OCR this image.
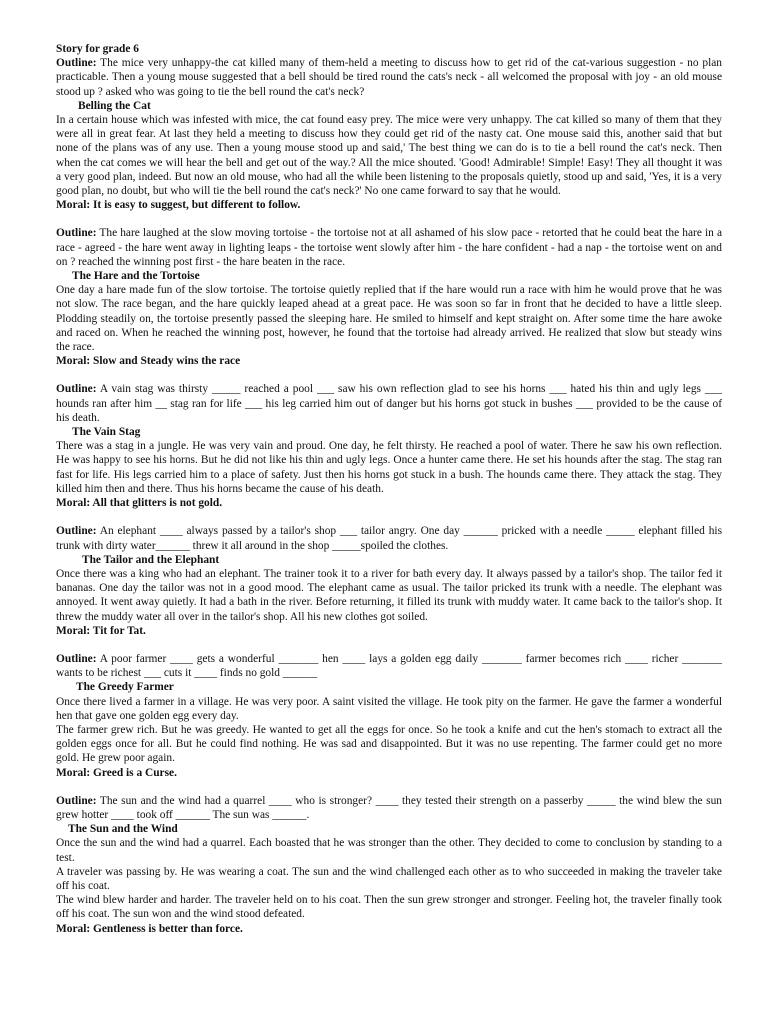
Story for grade 6

Outline: The mice very unhappy-the cat killed many of them-held a meeting to discuss how to get rid of the cat-various suggestion - no plan practicable. Then a young mouse suggested that a bell should be tired round the cats's neck - all welcomed the proposal with joy - an old mouse stood up ? asked who was going to tie the bell round the cat's neck?

Belling the Cat

In a certain house which was infested with mice, the cat found easy prey. The mice were very unhappy. The cat killed so many of them that they were all in great fear. At last they held a meeting to discuss how they could get rid of the nasty cat. One mouse said this, another said that but none of the plans was of any use. Then a young mouse stood up and said,' The best thing we can do is to tie a bell round the cat's neck. Then when the cat comes we will hear the bell and get out of the way.? All the mice shouted. 'Good! Admirable! Simple! Easy! They all thought it was a very good plan, indeed. But now an old mouse, who had all the while been listening to the proposals quietly, stood up and said, 'Yes, it is a very good plan, no doubt, but who will tie the bell round the cat's neck?' No one came forward to say that he would.

Moral: It is easy to suggest, but different to follow.

Outline: The hare laughed at the slow moving tortoise - the tortoise not at all ashamed of his slow pace - retorted that he could beat the hare in a race - agreed - the hare went away in lighting leaps - the tortoise went slowly after him - the hare confident - had a nap - the tortoise went on and on ? reached the winning post first - the hare beaten in the race.

The Hare and the Tortoise

One day a hare made fun of the slow tortoise. The tortoise quietly replied that if the hare would run a race with him he would prove that he was not slow. The race began, and the hare quickly leaped ahead at a great pace. He was soon so far in front that he decided to have a little sleep. Plodding steadily on, the tortoise presently passed the sleeping hare. He smiled to himself and kept straight on. After some time the hare awoke and raced on. When he reached the winning post, however, he found that the tortoise had already arrived. He realized that slow but steady wins the race.

Moral: Slow and Steady wins the race

Outline: A vain stag was thirsty _____ reached a pool ___ saw his own reflection glad to see his horns ___ hated his thin and ugly legs ___ hounds ran after him __ stag ran for life ___ his leg carried him out of danger but his horns got stuck in bushes ___ provided to be the cause of his death.

The Vain Stag

There was a stag in a jungle. He was very vain and proud. One day, he felt thirsty. He reached a pool of water. There he saw his own reflection. He was happy to see his horns. But he did not like his thin and ugly legs. Once a hunter came there. He set his hounds after the stag. The stag ran fast for life. His legs carried him to a place of safety. Just then his horns got stuck in a bush. The hounds came there. They attack the stag. They killed him then and there. Thus his horns became the cause of his death.

Moral: All that glitters is not gold.

Outline: An elephant ____ always passed by a tailor's shop ___ tailor angry. One day ______ pricked with a needle _____ elephant filled his trunk with dirty water______ threw it all around in the shop _____spoiled the clothes.

The Tailor and the Elephant

Once there was a king who had an elephant. The trainer took it to a river for bath every day. It always passed by a tailor's shop. The tailor fed it bananas. One day the tailor was not in a good mood. The elephant came as usual. The tailor pricked its trunk with a needle. The elephant was annoyed. It went away quietly. It had a bath in the river. Before returning, it filled its trunk with muddy water. It came back to the tailor's shop. It threw the muddy water all over in the tailor's shop. All his new clothes got soiled.

Moral: Tit for Tat.

Outline: A poor farmer ____ gets a wonderful _______ hen ____ lays a golden egg daily _______ farmer becomes rich ____ richer _______ wants to be richest ___ cuts it ____ finds no gold ______

The Greedy Farmer

Once there lived a farmer in a village. He was very poor. A saint visited the village. He took pity on the farmer. He gave the farmer a wonderful hen that gave one golden egg every day.

The farmer grew rich. But he was greedy. He wanted to get all the eggs for once. So he took a knife and cut the hen's stomach to extract all the golden eggs once for all. But he could find nothing. He was sad and disappointed. But it was no use repenting. The farmer could get no more gold. He grew poor again.

Moral: Greed is a Curse.

Outline: The sun and the wind had a quarrel ____ who is stronger? ____ they tested their strength on a passerby _____ the wind blew the sun grew hotter ____ took off ______ The sun was ______.

The Sun and the Wind

Once the sun and the wind had a quarrel. Each boasted that he was stronger than the other. They decided to come to conclusion by standing to a test.

A traveler was passing by. He was wearing a coat. The sun and the wind challenged each other as to who succeeded in making the traveler take off his coat.

The wind blew harder and harder. The traveler held on to his coat. Then the sun grew stronger and stronger. Feeling hot, the traveler finally took off his coat. The sun won and the wind stood defeated.

Moral: Gentleness is better than force.
